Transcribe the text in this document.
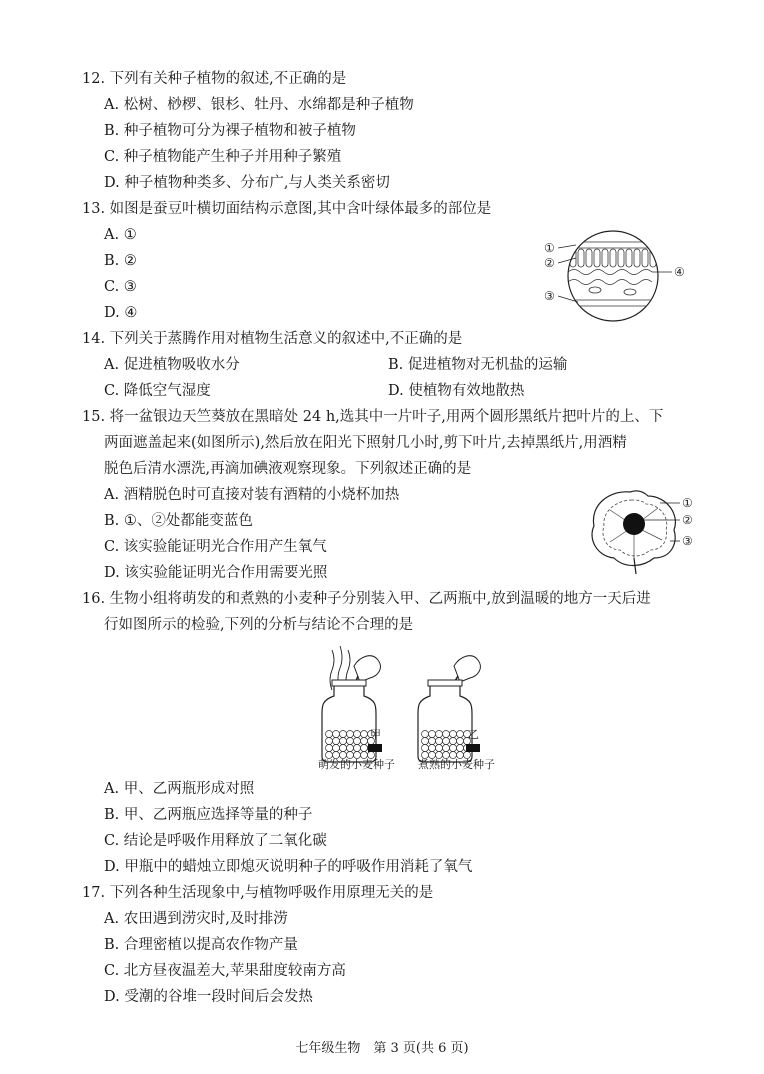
12. 下列有关种子植物的叙述,不正确的是
A. 松树、桫椤、银杉、牡丹、水绵都是种子植物
B. 种子植物可分为裸子植物和被子植物
C. 种子植物能产生种子并用种子繁殖
D. 种子植物种类多、分布广,与人类关系密切
13. 如图是蚕豆叶横切面结构示意图,其中含叶绿体最多的部位是
A. ①
B. ②
C. ③
D. ④
①
②
③
④
14. 下列关于蒸腾作用对植物生活意义的叙述中,不正确的是
A. 促进植物吸收水分	B. 促进植物对无机盐的运输
C. 降低空气湿度	D. 使植物有效地散热
15. 将一盆银边天竺葵放在黑暗处 24 h,选其中一片叶子,用两个圆形黑纸片把叶片的上、下
两面遮盖起来(如图所示),然后放在阳光下照射几小时,剪下叶片,去掉黑纸片,用酒精
脱色后清水漂洗,再滴加碘液观察现象。下列叙述正确的是
A. 酒精脱色时可直接对装有酒精的小烧杯加热
B. ①、②处都能变蓝色
C. 该实验能证明光合作用产生氧气
D. 该实验能证明光合作用需要光照
①
②
③
16. 生物小组将萌发的和煮熟的小麦种子分别装入甲、乙两瓶中,放到温暖的地方一天后进
行如图所示的检验,下列的分析与结论不合理的是
甲	乙
萌发的小麦种子 煮熟的小麦种子
A. 甲、乙两瓶形成对照
B. 甲、乙两瓶应选择等量的种子
C. 结论是呼吸作用释放了二氧化碳
D. 甲瓶中的蜡烛立即熄灭说明种子的呼吸作用消耗了氧气
17. 下列各种生活现象中,与植物呼吸作用原理无关的是
A. 农田遇到涝灾时,及时排涝
B. 合理密植以提高农作物产量
C. 北方昼夜温差大,苹果甜度较南方高
D. 受潮的谷堆一段时间后会发热
七年级生物　第 3 页(共 6 页)
